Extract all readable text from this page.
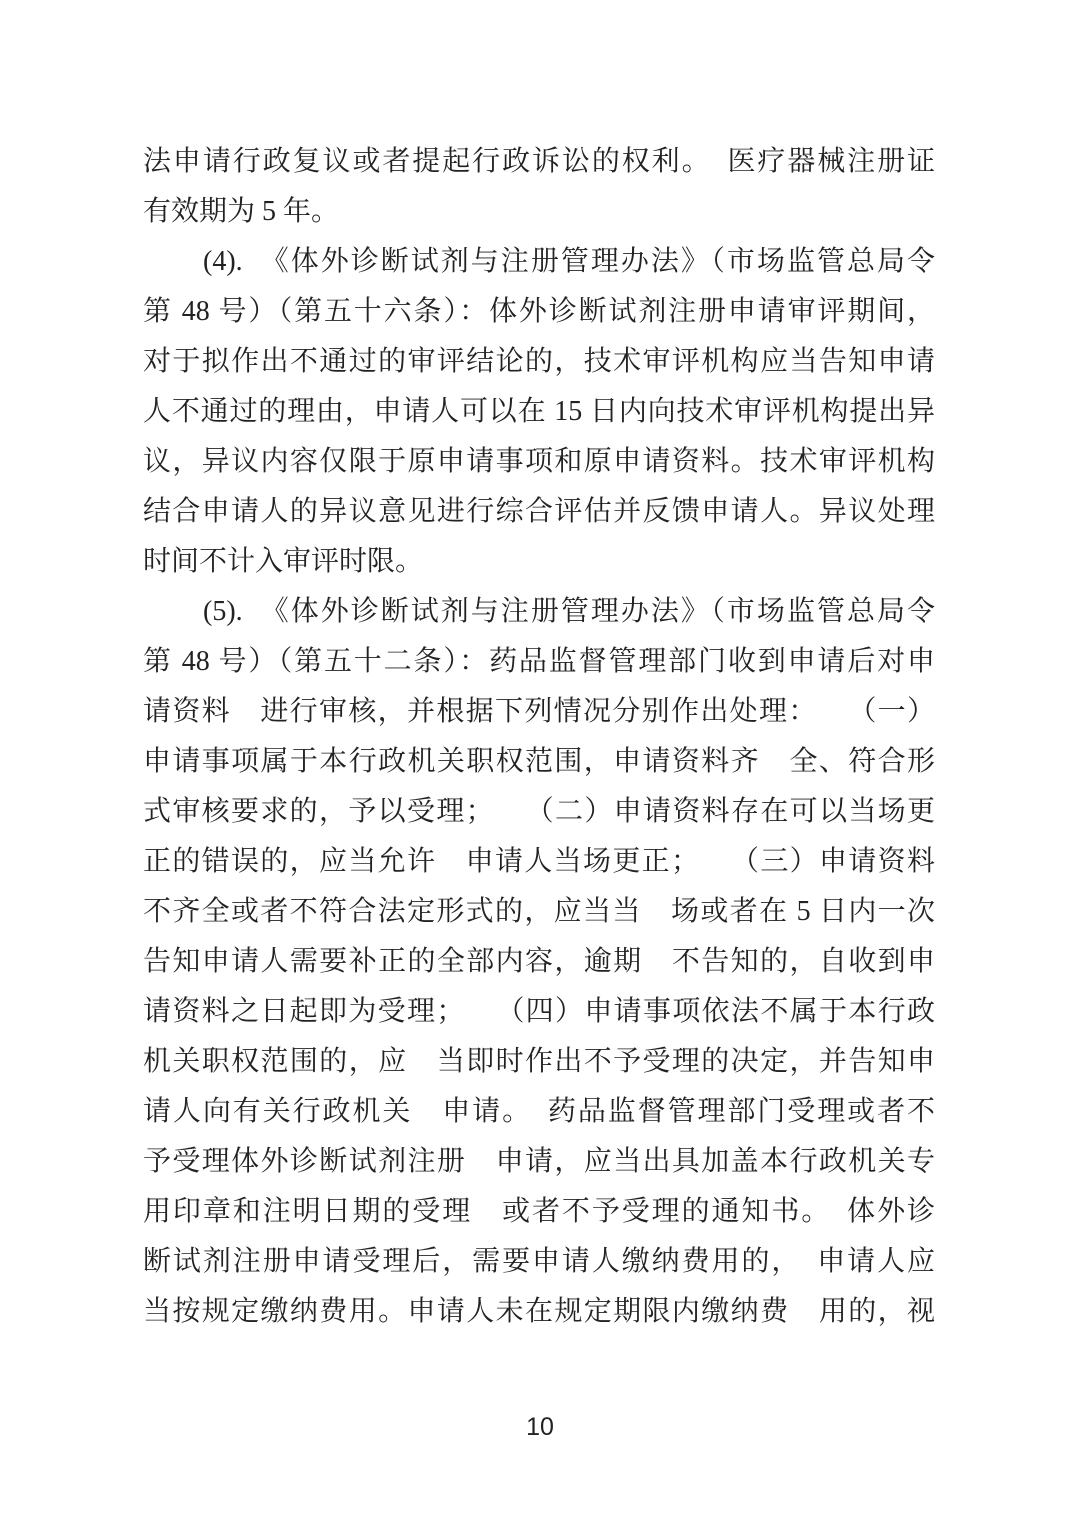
法申请行政复议或者提起行政诉讼的权利。　医疗器械注册证
有效期为 5 年。
　　(4).　《体外诊断试剂与注册管理办法》（市场监管总局令
第 48 号）（第五十六条）：体外诊断试剂注册申请审评期间，
对于拟作出不通过的审评结论的，技术审评机构应当告知申请
人不通过的理由，申请人可以在 15 日内向技术审评机构提出异
议，异议内容仅限于原申请事项和原申请资料。技术审评机构
结合申请人的异议意见进行综合评估并反馈申请人。异议处理
时间不计入审评时限。
　　(5).　《体外诊断试剂与注册管理办法》（市场监管总局令
第 48 号）（第五十二条）：药品监督管理部门收到申请后对申
请资料　进行审核，并根据下列情况分别作出处理：　　（一）
申请事项属于本行政机关职权范围，申请资料齐　全、符合形
式审核要求的，予以受理；　　（二）申请资料存在可以当场更
正的错误的，应当允许　申请人当场更正；　　（三）申请资料
不齐全或者不符合法定形式的，应当当　场或者在 5 日内一次
告知申请人需要补正的全部内容，逾期　不告知的，自收到申
请资料之日起即为受理；　　（四）申请事项依法不属于本行政
机关职权范围的，应　当即时作出不予受理的决定，并告知申
请人向有关行政机关　申请。　药品监督管理部门受理或者不
予受理体外诊断试剂注册　申请，应当出具加盖本行政机关专
用印章和注明日期的受理　或者不予受理的通知书。　体外诊
断试剂注册申请受理后，需要申请人缴纳费用的，　申请人应
当按规定缴纳费用。申请人未在规定期限内缴纳费　用的，视
10
